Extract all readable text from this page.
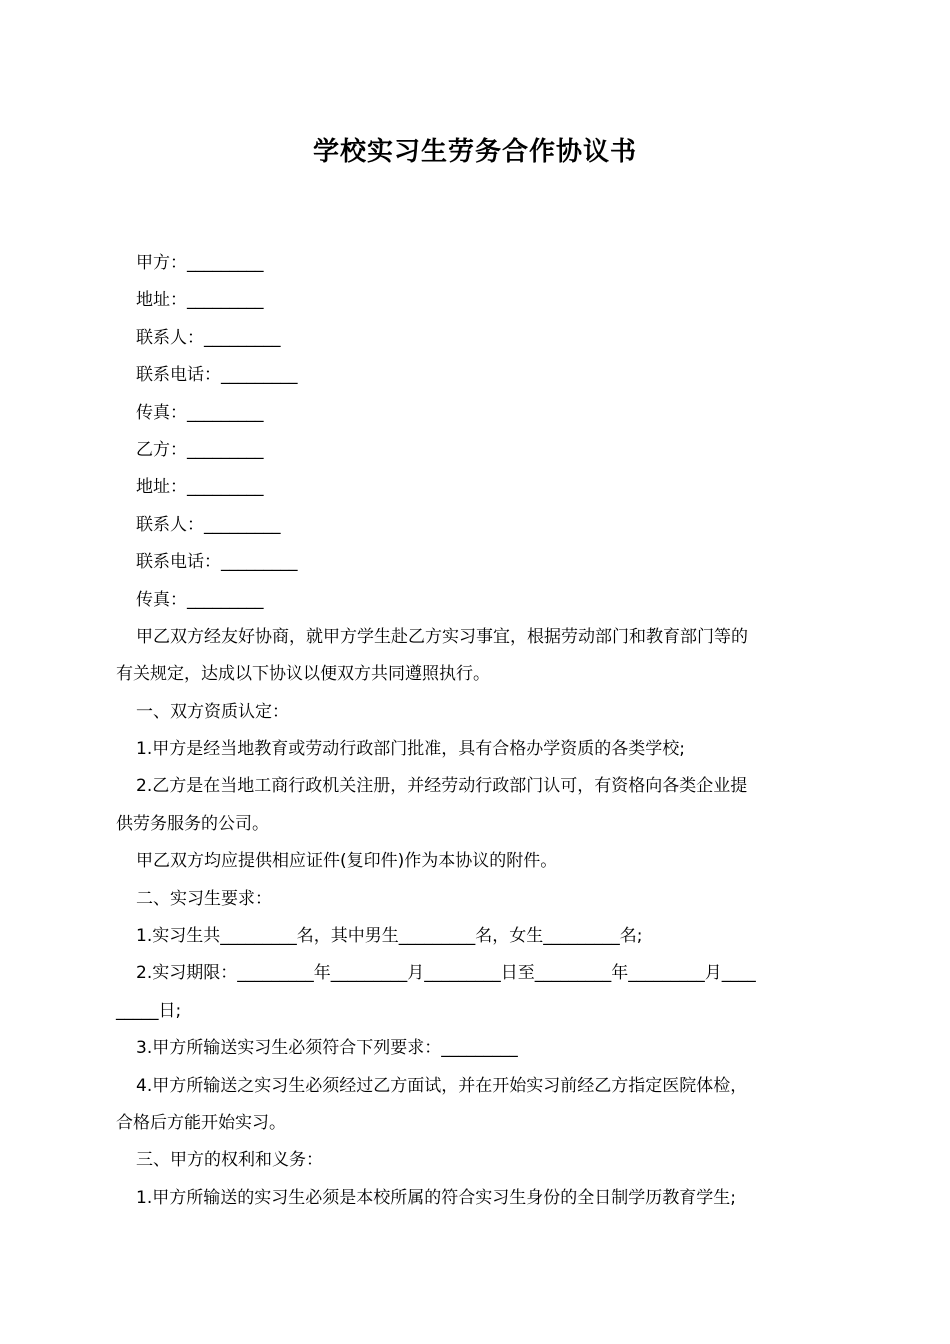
学校实习生劳务合作协议书
甲方：_________
地址：_________
联系人：_________
联系电话：_________
传真：_________
乙方：_________
地址：_________
联系人：_________
联系电话：_________
传真：_________
甲乙双方经友好协商，就甲方学生赴乙方实习事宜，根据劳动部门和教育部门等的
有关规定，达成以下协议以便双方共同遵照执行。
一、双方资质认定：
1.甲方是经当地教育或劳动行政部门批准，具有合格办学资质的各类学校;
2.乙方是在当地工商行政机关注册，并经劳动行政部门认可，有资格向各类企业提
供劳务服务的公司。
甲乙双方均应提供相应证件(复印件)作为本协议的附件。
二、实习生要求：
1.实习生共_________名，其中男生_________名，女生_________名;
2.实习期限：_________年_________月_________日至_________年_________月____
_____日;
3.甲方所输送实习生必须符合下列要求：_________
4.甲方所输送之实习生必须经过乙方面试，并在开始实习前经乙方指定医院体检，
合格后方能开始实习。
三、甲方的权利和义务：
1.甲方所输送的实习生必须是本校所属的符合实习生身份的全日制学历教育学生;
